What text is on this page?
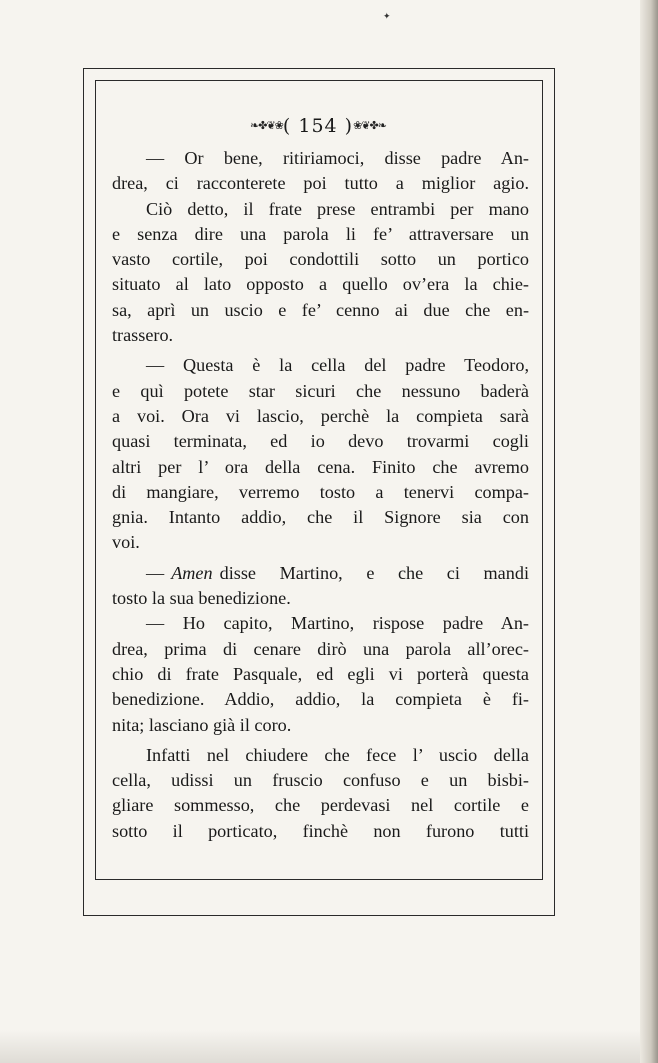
✦
❧✤❦❀( 154 )❀❦✤❧
— Or bene, ritiriamoci, disse padre An-
drea, ci racconterete poi tutto a miglior agio.
Ciò detto, il frate prese entrambi per mano
e senza dire una parola li fe’ attraversare un
vasto cortile, poi condottili sotto un portico
situato al lato opposto a quello ov’era la chie-
sa, aprì un uscio e fe’ cenno ai due che en-
trassero.
— Questa è la cella del padre Teodoro,
e quì potete star sicuri che nessuno baderà
a voi. Ora vi lascio, perchè la compieta sarà
quasi terminata, ed io devo trovarmi cogli
altri per l’ ora della cena. Finito che avremo
di mangiare, verremo tosto a tenervi compa-
gnia. Intanto addio, che il Signore sia con
voi.
— Amen disse Martino, e che ci mandi
tosto la sua benedizione.
— Ho capito, Martino, rispose padre An-
drea, prima di cenare dirò una parola all’orec-
chio di frate Pasquale, ed egli vi porterà questa
benedizione. Addio, addio, la compieta è fi-
nita; lasciano già il coro.
Infatti nel chiudere che fece l’ uscio della
cella, udissi un fruscio confuso e un bisbi-
gliare sommesso, che perdevasi nel cortile e
sotto il porticato, finchè non furono tutti
